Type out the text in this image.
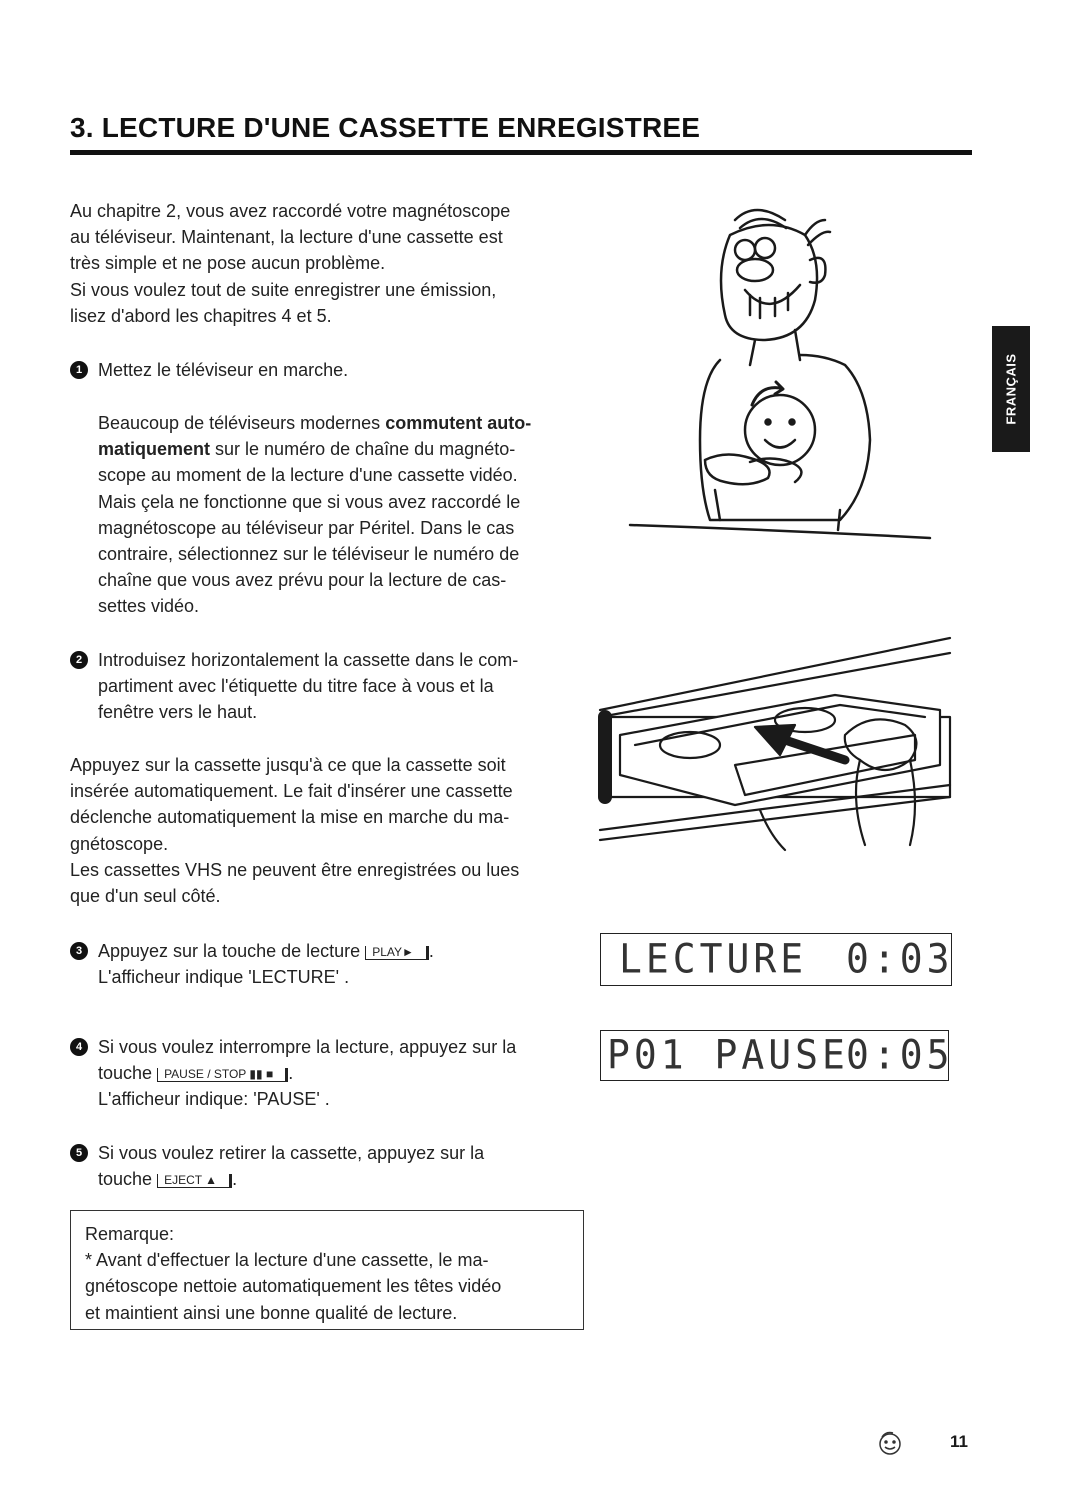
3. LECTURE D'UNE CASSETTE ENREGISTREE
FRANÇAIS
Au chapitre 2, vous avez raccordé votre magnétoscope
au téléviseur. Maintenant, la lecture d'une cassette est
très simple et ne pose aucun problème.
Si vous voulez tout de suite enregistrer une émission,
lisez d'abord les chapitres 4 et 5.
1 Mettez le téléviseur en marche.
Beaucoup de téléviseurs modernes commutent auto-
matiquement sur le numéro de chaîne du magnéto-
scope au moment de la lecture d'une cassette vidéo.
Mais çela ne fonctionne que si vous avez raccordé le
magnétoscope au téléviseur par Péritel. Dans le cas
contraire, sélectionnez sur le téléviseur le numéro de
chaîne que vous avez prévu pour la lecture de cas-
settes vidéo.
2 Introduisez horizontalement la cassette dans le com-
partiment avec l'étiquette du titre face à vous et la
fenêtre vers le haut.
Appuyez sur la cassette jusqu'à ce que la cassette soit
insérée automatiquement. Le fait d'insérer une cassette
déclenche automatiquement la mise en marche du ma-
gnétoscope.
Les cassettes VHS ne peuvent être enregistrées ou lues
que d'un seul côté.
3 Appuyez sur la touche de lecture PLAY► .
L'afficheur indique 'LECTURE' .
4 Si vous voulez interrompre la lecture, appuyez sur la
touche PAUSE / STOP ▮▮ ■ .
L'afficheur indique: 'PAUSE' .
5 Si vous voulez retirer la cassette, appuyez sur la
touche EJECT ▲ .
Remarque:
* Avant d'effectuer la lecture d'une cassette, le ma-
gnétoscope nettoie automatiquement les têtes vidéo
et maintient ainsi une bonne qualité de lecture.
LECTURE 0:03
P01 PAUSE
0:05
11
